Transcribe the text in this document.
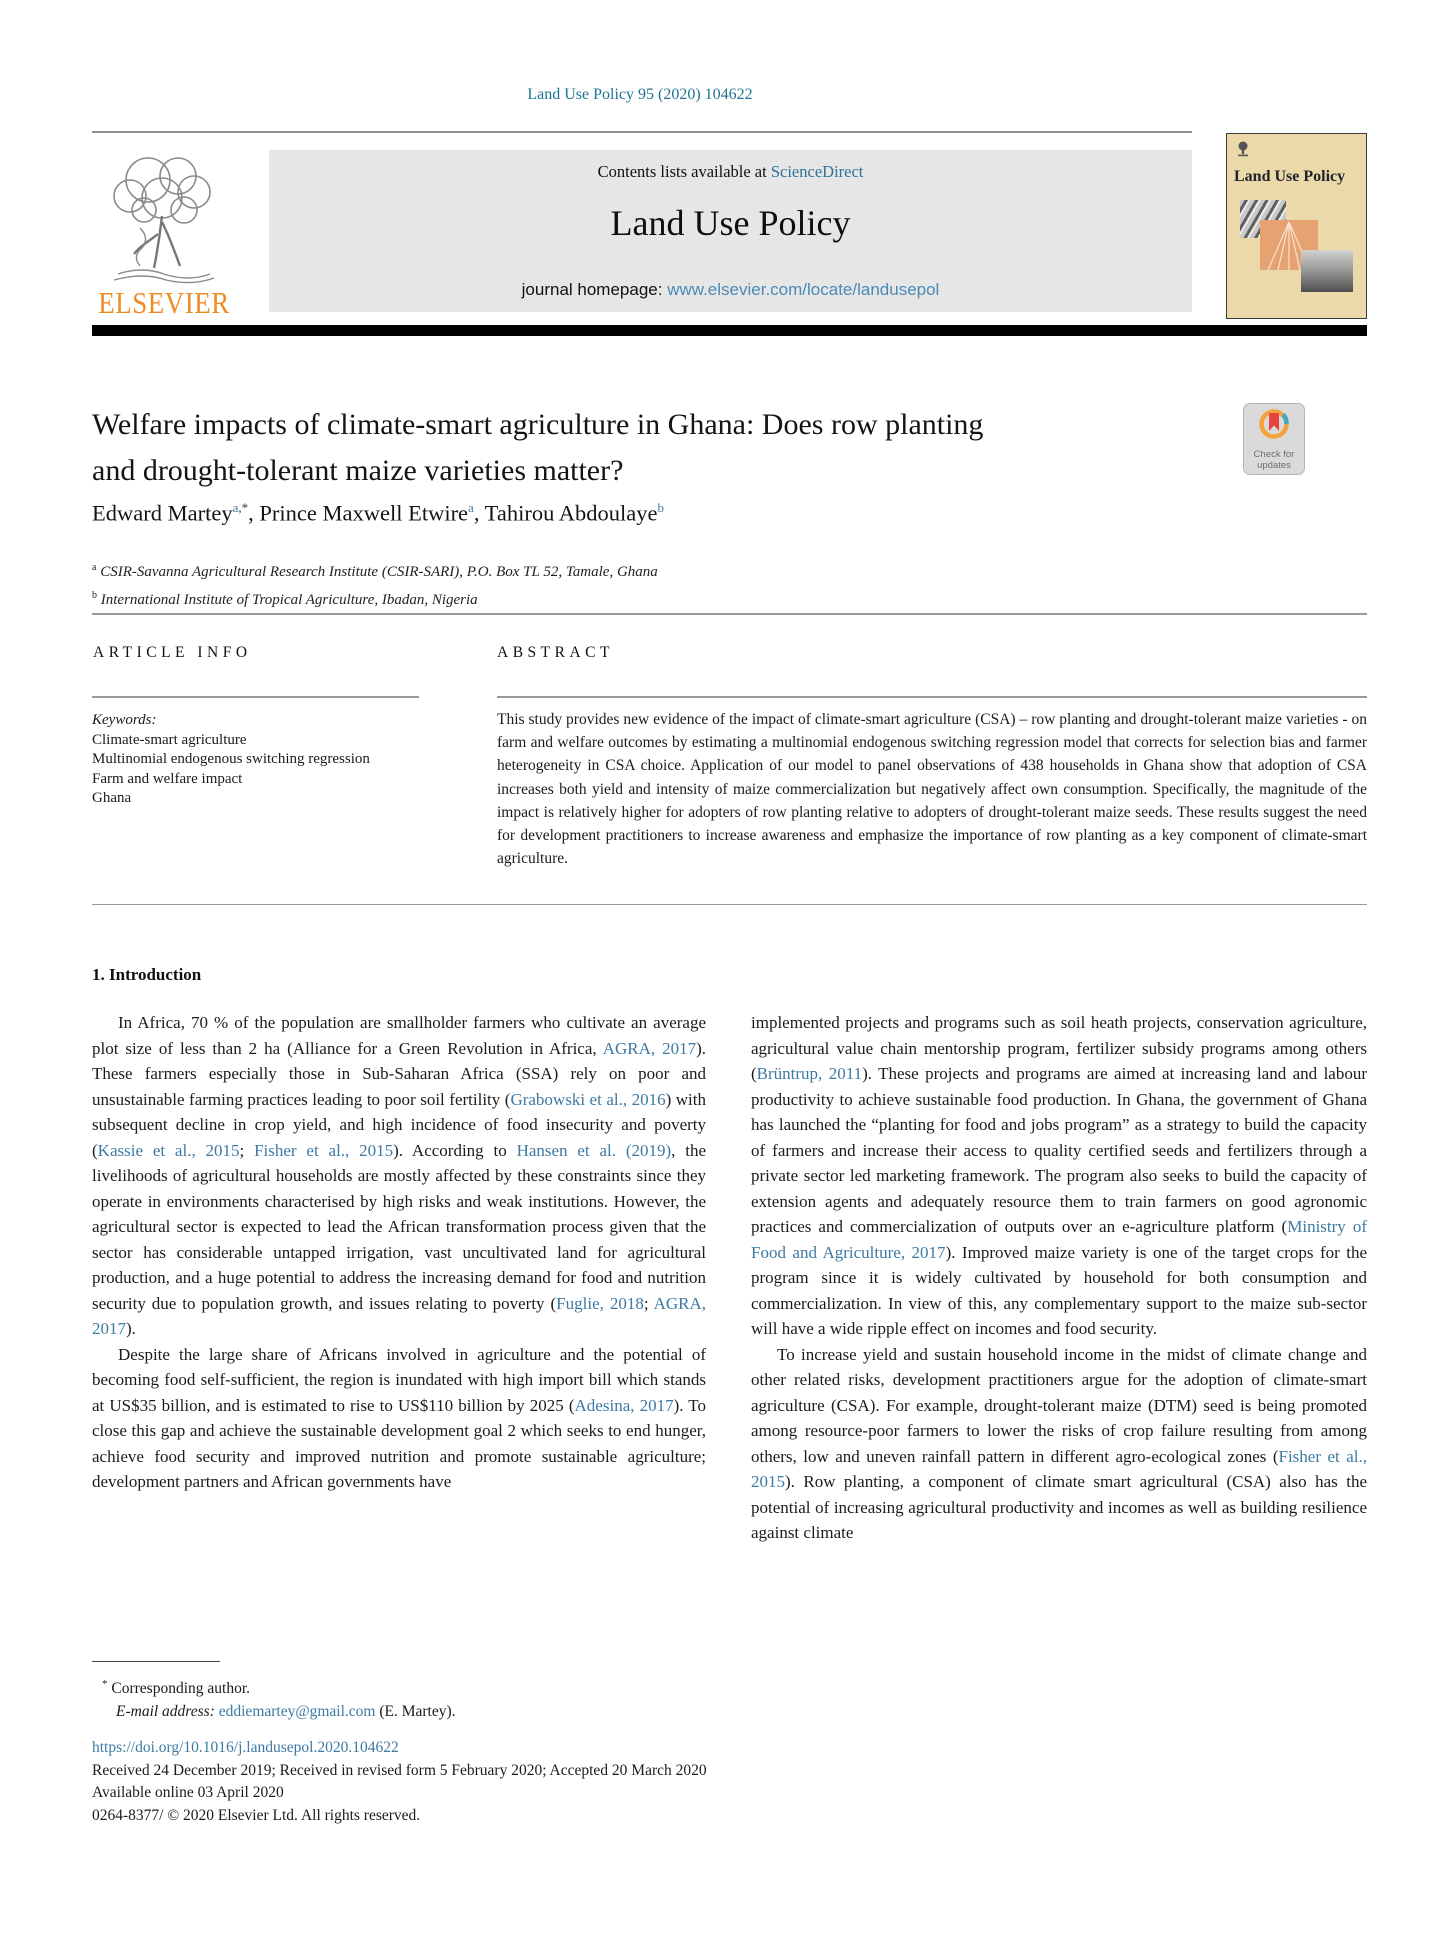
Land Use Policy 95 (2020) 104622
ELSEVIER
Contents lists available at ScienceDirect
Land Use Policy
journal homepage: www.elsevier.com/locate/landusepol
Land Use Policy
Welfare impacts of climate-smart agriculture in Ghana: Does row planting
and drought-tolerant maize varieties matter?	Check for
updates
Edward Martey$^{a,*}$, Prince Maxwell Etwire$^a$, Tahirou Abdoulaye$^b$
$^a$ CSIR-Savanna Agricultural Research Institute (CSIR-SARI), P.O. Box TL 52, Tamale, Ghana
$^b$ International Institute of Tropical Agriculture, Ibadan, Nigeria
ARTICLE INFO	ABSTRACT
Keywords:
Climate-smart agriculture
Multinomial endogenous switching regression
Farm and welfare impact
Ghana
This study provides new evidence of the impact of climate-smart agriculture (CSA) – row planting and drought-tolerant maize varieties - on farm and welfare outcomes by estimating a multinomial endogenous switching regression model that corrects for selection bias and farmer heterogeneity in CSA choice. Application of our model to panel observations of 438 households in Ghana show that adoption of CSA increases both yield and intensity of maize commercialization but negatively affect own consumption. Specifically, the magnitude of the impact is relatively higher for adopters of row planting relative to adopters of drought-tolerant maize seeds. These results suggest the need for development practitioners to increase awareness and emphasize the importance of row planting as a key component of climate-smart agriculture.
1. Introduction

In Africa, 70 % of the population are smallholder farmers who cultivate an average plot size of less than 2 ha (Alliance for a Green Revolution in Africa, AGRA, 2017). These farmers especially those in Sub-Saharan Africa (SSA) rely on poor and unsustainable farming practices leading to poor soil fertility (Grabowski et al., 2016) with subsequent decline in crop yield, and high incidence of food insecurity and poverty (Kassie et al., 2015; Fisher et al., 2015). According to Hansen et al. (2019), the livelihoods of agricultural households are mostly affected by these constraints since they operate in environments characterised by high risks and weak institutions. However, the agricultural sector is expected to lead the African transformation process given that the sector has considerable untapped irrigation, vast uncultivated land for agricultural production, and a huge potential to address the increasing demand for food and nutrition security due to population growth, and issues relating to poverty (Fuglie, 2018; AGRA, 2017).

Despite the large share of Africans involved in agriculture and the potential of becoming food self-sufficient, the region is inundated with high import bill which stands at US$35 billion, and is estimated to rise to US$110 billion by 2025 (Adesina, 2017). To close this gap and achieve the sustainable development goal 2 which seeks to end hunger, achieve food security and improved nutrition and promote sustainable agriculture; development partners and African governments have

implemented projects and programs such as soil heath projects, conservation agriculture, agricultural value chain mentorship program, fertilizer subsidy programs among others (Brüntrup, 2011). These projects and programs are aimed at increasing land and labour productivity to achieve sustainable food production. In Ghana, the government of Ghana has launched the “planting for food and jobs program” as a strategy to build the capacity of farmers and increase their access to quality certified seeds and fertilizers through a private sector led marketing framework. The program also seeks to build the capacity of extension agents and adequately resource them to train farmers on good agronomic practices and commercialization of outputs over an e-agriculture platform (Ministry of Food and Agriculture, 2017). Improved maize variety is one of the target crops for the program since it is widely cultivated by household for both consumption and commercialization. In view of this, any complementary support to the maize sub-sector will have a wide ripple effect on incomes and food security.

To increase yield and sustain household income in the midst of climate change and other related risks, development practitioners argue for the adoption of climate-smart agriculture (CSA). For example, drought-tolerant maize (DTM) seed is being promoted among resource-poor farmers to lower the risks of crop failure resulting from among others, low and uneven rainfall pattern in different agro-ecological zones (Fisher et al., 2015). Row planting, a component of climate smart agricultural (CSA) also has the potential of increasing agricultural productivity and incomes as well as building resilience against climate

* Corresponding author.
E-mail address: eddiemartey@gmail.com (E. Martey).
https://doi.org/10.1016/j.landusepol.2020.104622
Received 24 December 2019; Received in revised form 5 February 2020; Accepted 20 March 2020
Available online 03 April 2020
0264-8377/ © 2020 Elsevier Ltd. All rights reserved.
